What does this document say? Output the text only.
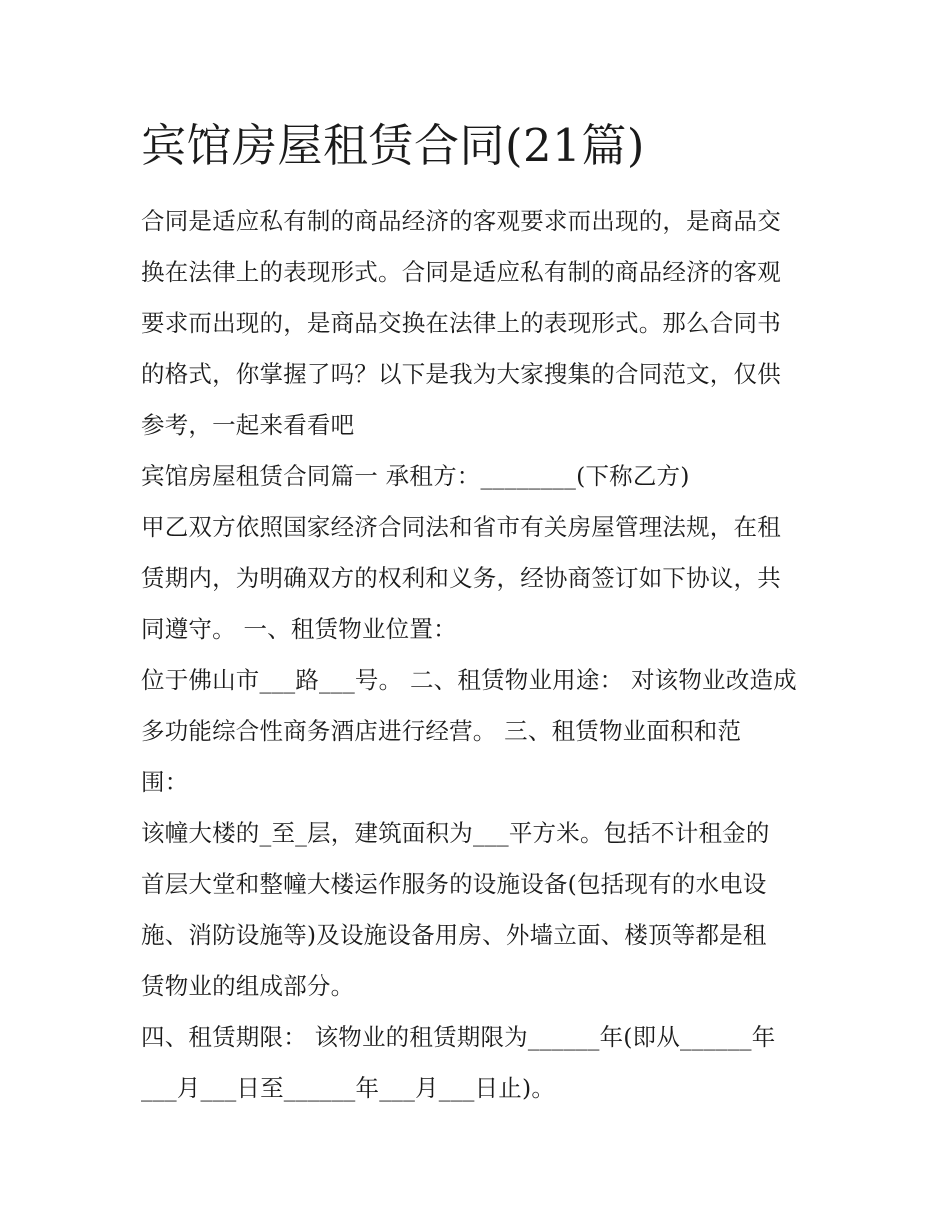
宾馆房屋租赁合同(21篇)

合同是适应私有制的商品经济的客观要求而出现的，是商品交
换在法律上的表现形式。合同是适应私有制的商品经济的客观
要求而出现的，是商品交换在法律上的表现形式。那么合同书
的格式，你掌握了吗？以下是我为大家搜集的合同范文，仅供
参考，一起来看看吧

宾馆房屋租赁合同篇一 承租方：________(下称乙方)

甲乙双方依照国家经济合同法和省市有关房屋管理法规，在租
赁期内，为明确双方的权利和义务，经协商签订如下协议，共
同遵守。 一、租赁物业位置：

位于佛山市___路___号。 二、租赁物业用途： 对该物业改造成
多功能综合性商务酒店进行经营。 三、租赁物业面积和范
围：

该幢大楼的_至_层，建筑面积为___平方米。包括不计租金的
首层大堂和整幢大楼运作服务的设施设备(包括现有的水电设
施、消防设施等)及设施设备用房、外墙立面、楼顶等都是租
赁物业的组成部分。

四、租赁期限： 该物业的租赁期限为______年(即从______年
___月___日至______年___月___日止)。
